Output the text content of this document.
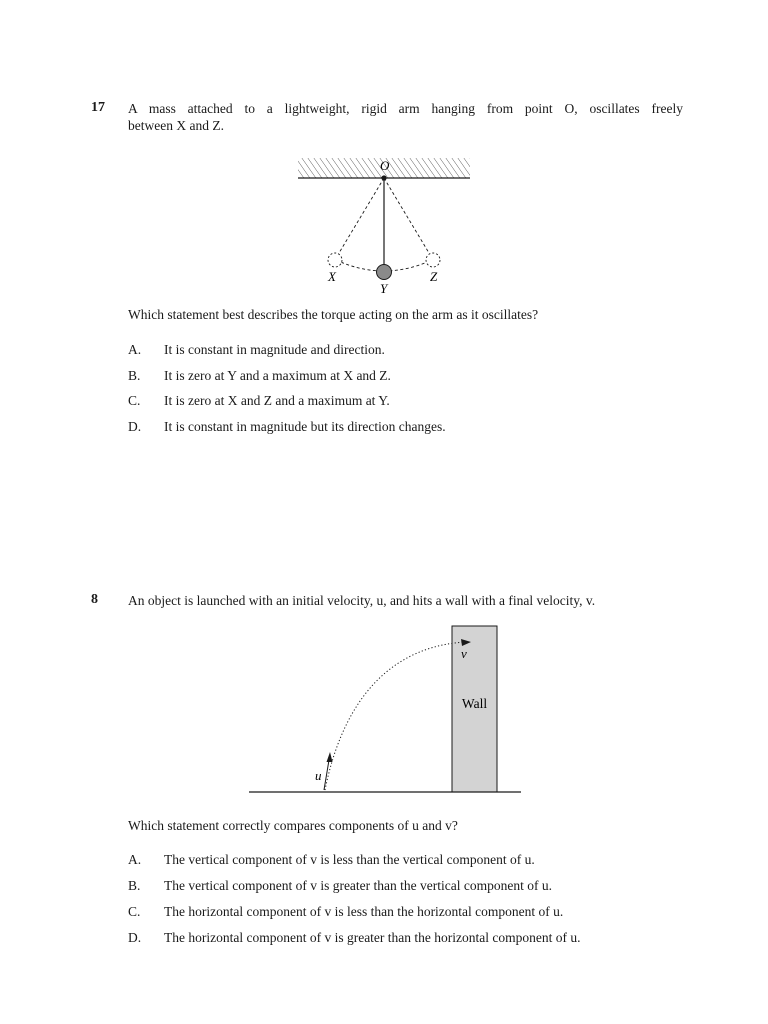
17 A mass attached to a lightweight, rigid arm hanging from point O, oscillates freely
between X and Z.
O
X
Y
Z
Which statement best describes the torque acting on the arm as it oscillates?
A. It is constant in magnitude and direction.
B. It is zero at Y and a maximum at X and Z.
C. It is zero at X and Z and a maximum at Y.
D. It is constant in magnitude but its direction changes.
8 An object is launched with an initial velocity, u, and hits a wall with a final velocity, v.
u
v
Wall
Which statement correctly compares components of u and v?
A. The vertical component of v is less than the vertical component of u.
B. The vertical component of v is greater than the vertical component of u.
C. The horizontal component of v is less than the horizontal component of u.
D. The horizontal component of v is greater than the horizontal component of u.
